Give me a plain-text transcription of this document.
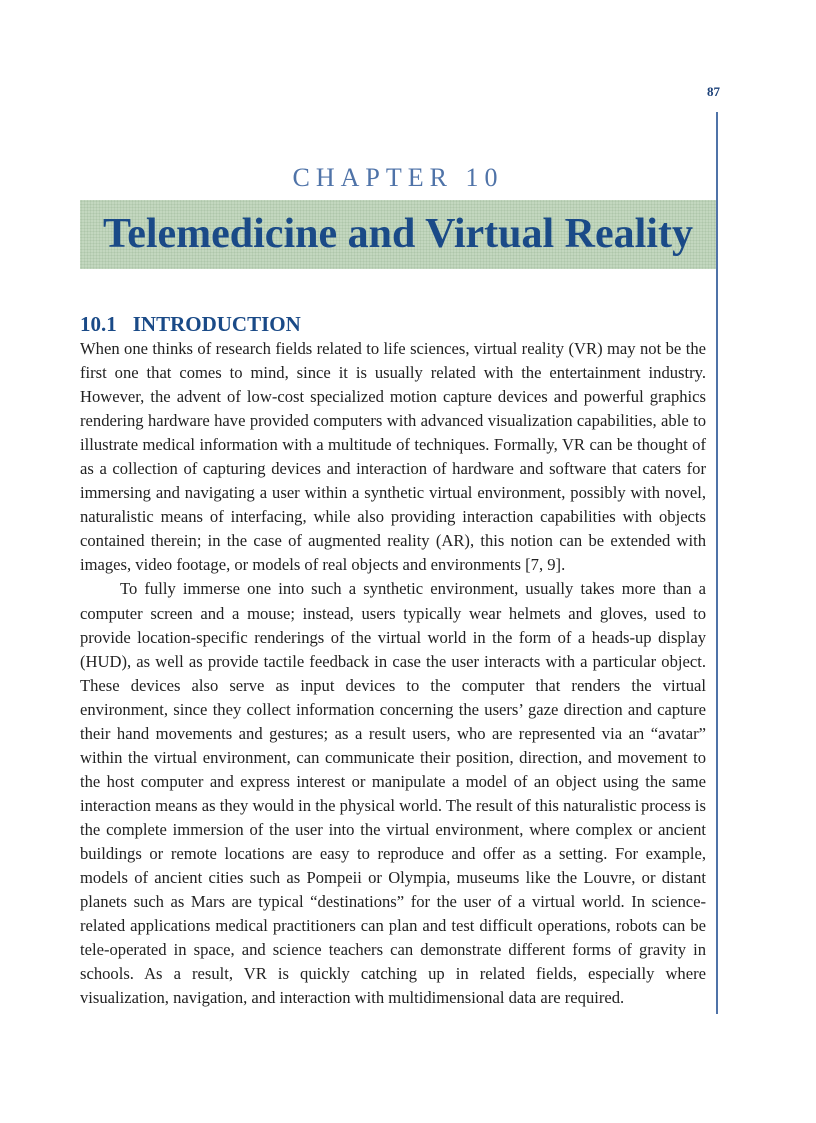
87
CHAPTER 10
Telemedicine and Virtual Reality
10.1 INTRODUCTION

When one thinks of research fields related to life sciences, virtual reality (VR) may not be the first one that comes to mind, since it is usually related with the entertainment industry. However, the advent of low-cost specialized motion capture devices and powerful graphics rendering hardware have provided computers with advanced visualization capabilities, able to illustrate medical information with a multitude of techniques. Formally, VR can be thought of as a collection of capturing devices and interaction of hardware and software that caters for immersing and navigating a user within a synthetic virtual environment, possibly with novel, naturalistic means of interfacing, while also providing interaction capabilities with objects contained therein; in the case of augmented reality (AR), this notion can be extended with images, video footage, or models of real objects and environments [7, 9].

To fully immerse one into such a synthetic environment, usually takes more than a computer screen and a mouse; instead, users typically wear helmets and gloves, used to provide location-specific renderings of the virtual world in the form of a heads-up display (HUD), as well as provide tactile feedback in case the user interacts with a particular object. These devices also serve as input devices to the computer that renders the virtual environment, since they collect information concerning the users’ gaze direction and capture their hand movements and gestures; as a result users, who are represented via an “avatar” within the virtual environment, can communicate their position, direction, and movement to the host computer and express interest or manipulate a model of an object using the same interaction means as they would in the physical world. The result of this naturalistic process is the complete immersion of the user into the virtual environment, where complex or ancient buildings or remote locations are easy to reproduce and offer as a setting. For example, models of ancient cities such as Pompeii or Olympia, museums like the Louvre, or distant planets such as Mars are typical “destinations” for the user of a virtual world. In science-related applications medical practitioners can plan and test difficult operations, robots can be tele-operated in space, and science teachers can demonstrate different forms of gravity in schools. As a result, VR is quickly catching up in related fields, especially where visualization, navigation, and interaction with multidimensional data are required.
